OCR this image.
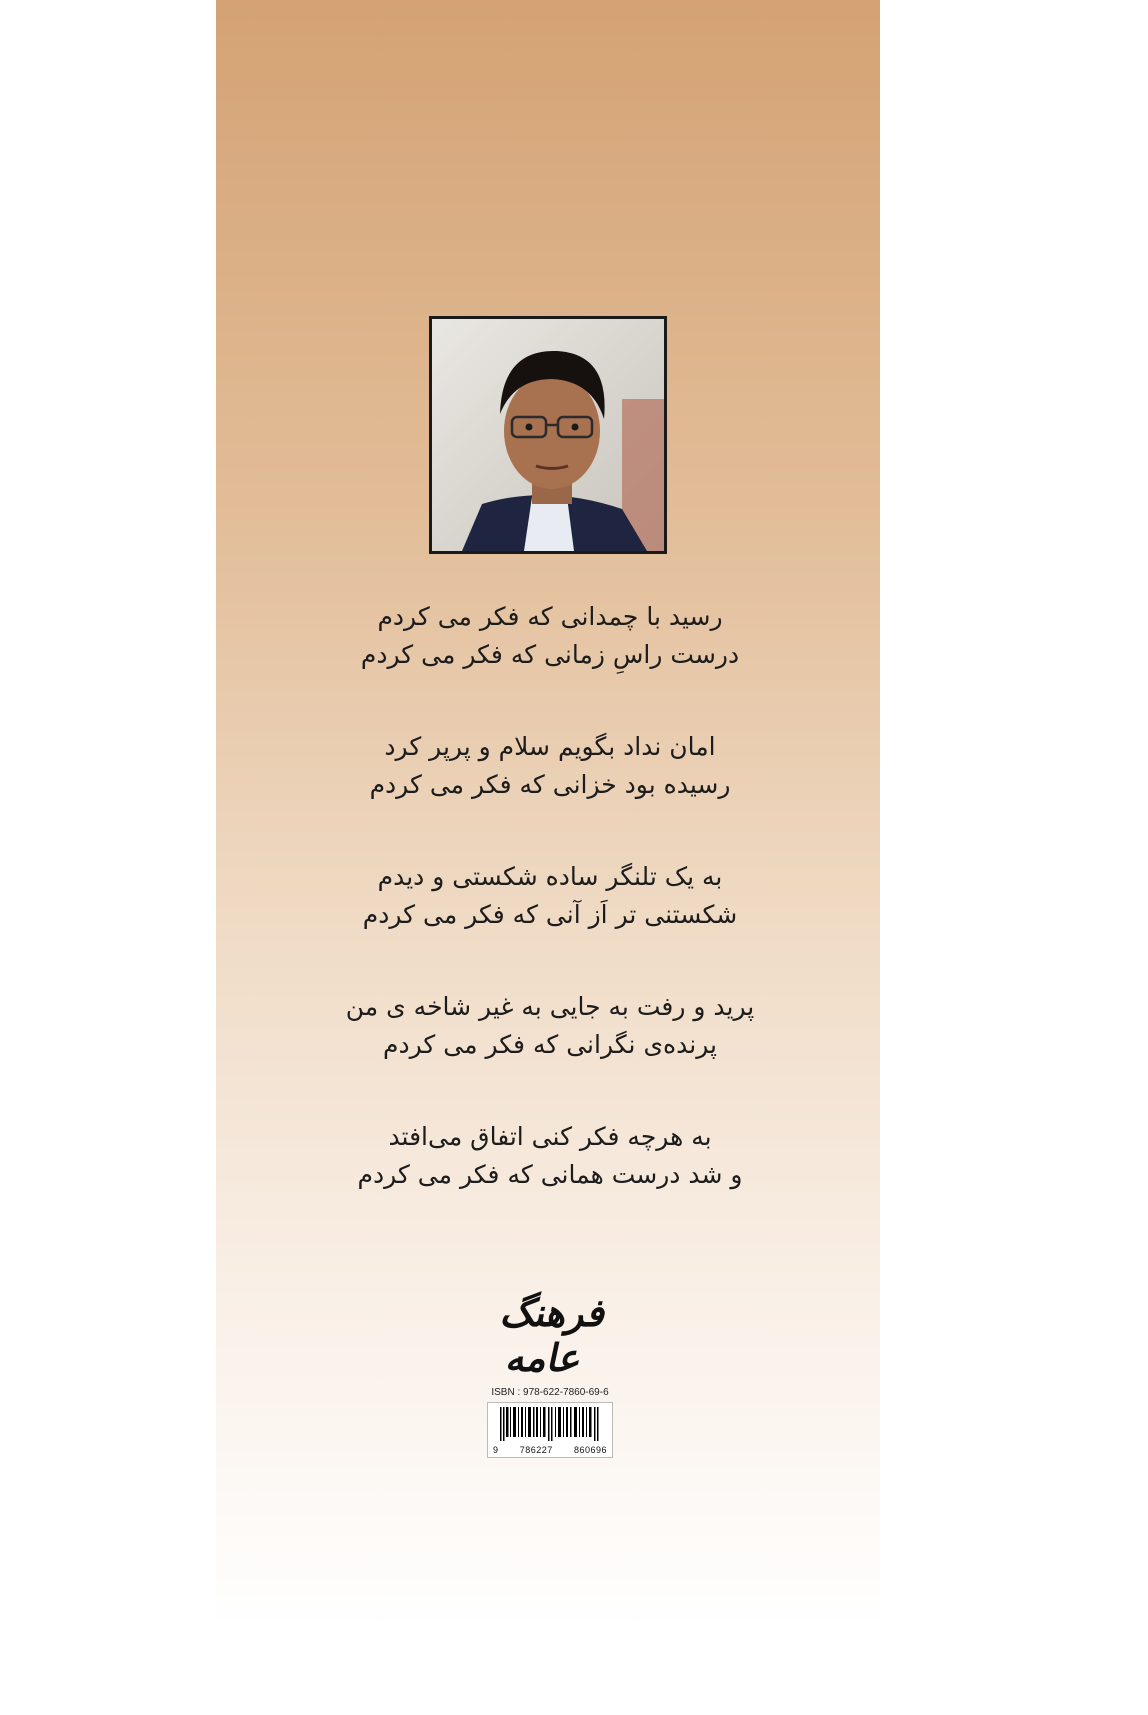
رسید با چمدانی که فکر می کردم
درست راسِ زمانی که فکر می کردم
امان نداد بگویم سلام و پرپر کرد
رسیده بود خزانی که فکر می کردم
به یک تلنگر ساده شکستی و دیدم
شکستنی تر اَز آنی که فکر می کردم
پرید و رفت به جایی به غیر شاخه ی من
پرنده‌ی نگرانی که فکر می کردم
به هرچه فکر کنی اتفاق می‌افتد
و شد درست همانی که فکر می کردم
فرهنگ عامه
ISBN : 978-622-7860-69-6
9 786227 860696
